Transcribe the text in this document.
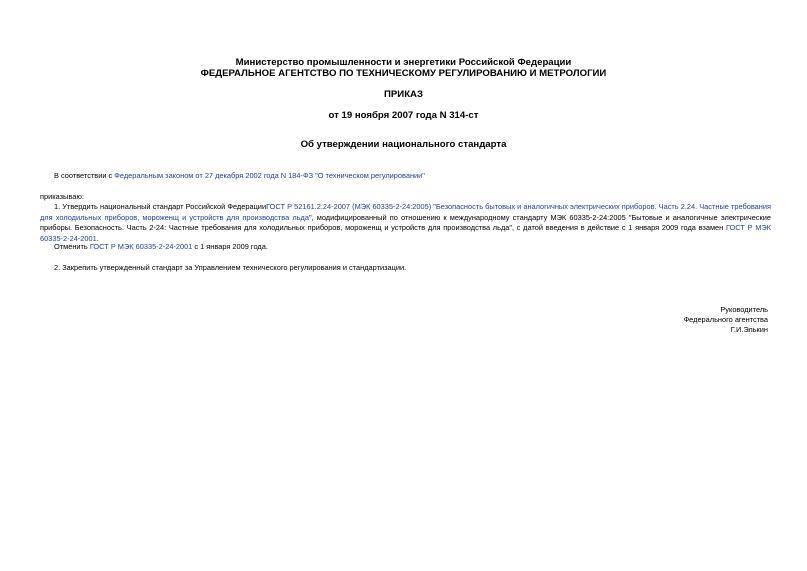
Министерство промышленности и энергетики Российской Федерации
ФЕДЕРАЛЬНОЕ АГЕНТСТВО ПО ТЕХНИЧЕСКОМУ РЕГУЛИРОВАНИЮ И МЕТРОЛОГИИ
ПРИКАЗ
от 19 ноября 2007 года N 314-ст
Об утверждении национального стандарта
В соответствии с Федеральным законом от 27 декабря 2002 года N 184-ФЗ "О техническом регулировании"
приказываю:
1. Утвердить национальный стандарт Российской ФедерацииГОСТ Р 52161.2.24-2007 (МЭК 60335-2-24:2005) "Безопасность бытовых и аналогичных электрических приборов. Часть 2.24. Частные требования для холодильных приборов, мороженщ и устройств для производства льда", модифицированный по отношению к международному стандарту МЭК 60335-2-24:2005 "Бытовые и аналогичные электрические приборы. Безопасность. Часть 2-24: Частные требования для холодильных приборов, мороженщ и устройств для производства льда", с датой введения в действие с 1 января 2009 года взамен ГОСТ Р МЭК 60335-2-24-2001.
Отменить ГОСТ Р МЭК 60335-2-24-2001 с 1 января 2009 года.
2. Закрепить утвержденный стандарт за Управлением технического регулирования и стандартизации.
Руководитель
Федерального агентства
Г.И.Элькин
